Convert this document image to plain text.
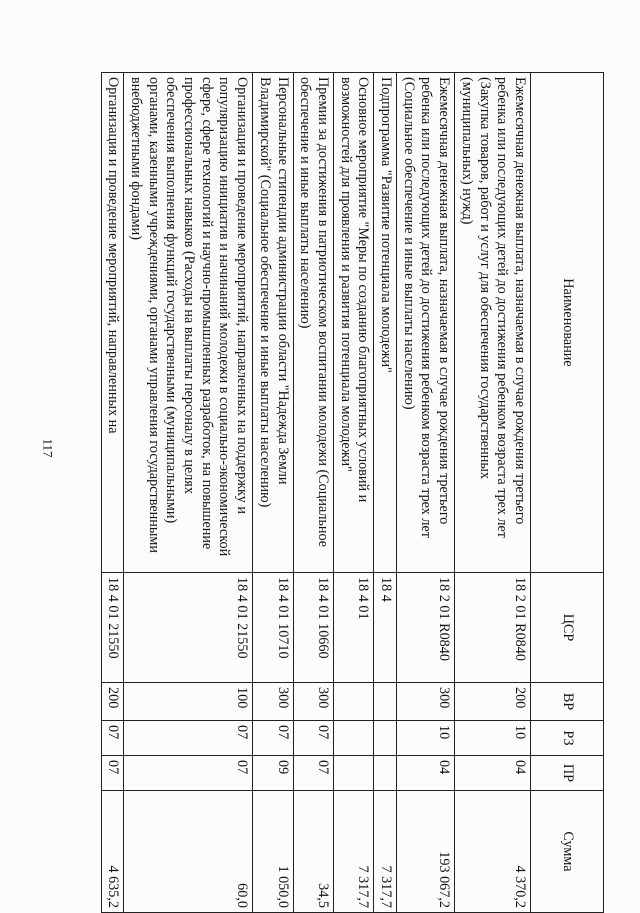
117
Наименование	ЦСР	ВР	РЗ	ПР	Сумма
Ежемесячная денежная выплата, назначаемая в случае рождения третьего ребенка или последующих детей до достижения ребенком возраста трех лет (Закупка товаров, работ и услуг для обеспечения государственных (муниципальных) нужд)	18 2 01 R0840	200	10	04	4 370,2
Ежемесячная денежная выплата, назначаемая в случае рождения третьего ребенка или последующих детей до достижения ребенком возраста трех лет (Социальное обеспечение и иные выплаты населению)	18 2 01 R0840	300	10	04	193 067,2
Подпрограмма "Развитие потенциала молодежи"	18 4				7 317,7
Основное мероприятие "Меры по созданию благоприятных условий и возможностей для проявления и развития потенциала молодежи"	18 4 01				7 317,7
Премии за достижения в патриотическом воспитании молодежи (Социальное обеспечение и иные выплаты населению)	18 4 01 10660	300	07	07	34,5
Персональные стипендии администрации области "Надежда Земли Владимирской" (Социальное обеспечение и иные выплаты населению)	18 4 01 10710	300	07	09	1 050,0
Организация и проведение мероприятий, направленных на поддержку и популяризацию инициатив и начинаний молодежи в социально-экономической сфере, сфере технологий и научно-промышленных разработок, на повышение профессиональных навыков (Расходы на выплаты персоналу в целях обеспечения выполнения функций государственными (муниципальными) органами, казенными учреждениями, органами управления государственными внебюджетными фондами)	18 4 01 21550	100	07	07	60,0
Организация и проведение мероприятий, направленных на	18 4 01 21550	200	07	07	4 635,2
